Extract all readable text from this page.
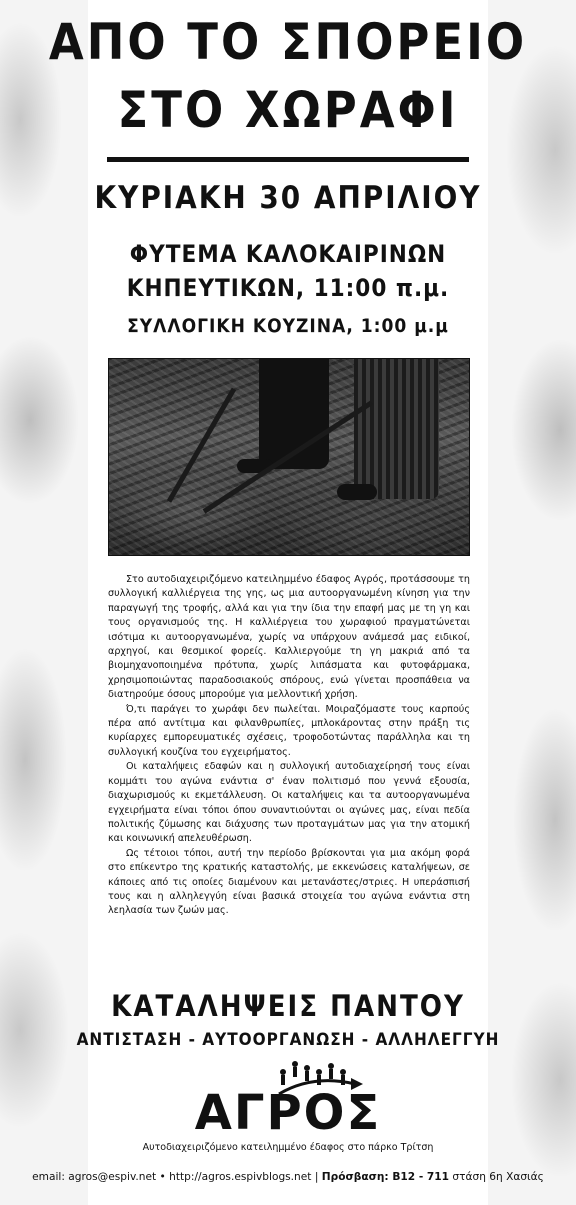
ΑΠΟ ΤΟ ΣΠΟΡΕΙΟ
ΣΤΟ ΧΩΡΑΦΙ
ΚΥΡΙΑΚΗ 30 ΑΠΡΙΛΙΟΥ
ΦΥΤΕΜΑ ΚΑΛΟΚΑΙΡΙΝΩΝ
ΚΗΠΕΥΤΙΚΩΝ, 11:00 π.μ.
ΣΥΛΛΟΓΙΚΗ ΚΟΥΖΙΝΑ, 1:00 μ.μ

Στο αυτοδιαχειριζόμενο κατειλημμένο έδαφος Αγρός, προτάσσουμε τη συλλογική καλλιέργεια της γης, ως μια αυτοοργανωμένη κίνηση για την παραγωγή της τροφής, αλλά και για την ίδια την επαφή μας με τη γη και τους οργανισμούς της. Η καλλιέργεια του χωραφιού πραγματώνεται ισότιμα κι αυτοοργανωμένα, χωρίς να υπάρχουν ανάμεσά μας ειδικοί, αρχηγοί, και θεσμικοί φορείς. Καλλιεργούμε τη γη μακριά από τα βιομηχανοποιημένα πρότυπα, χωρίς λιπάσματα και φυτοφάρμακα, χρησιμοποιώντας παραδοσιακούς σπόρους, ενώ γίνεται προσπάθεια να διατηρούμε όσους μπορούμε για μελλοντική χρήση.

Ό,τι παράγει το χωράφι δεν πωλείται. Μοιραζόμαστε τους καρπούς πέρα από αντίτιμα και φιλανθρωπίες, μπλοκάροντας στην πράξη τις κυρίαρχες εμπορευματικές σχέσεις, τροφοδοτώντας παράλληλα και τη συλλογική κουζίνα του εγχειρήματος.

Οι καταλήψεις εδαφών και η συλλογική αυτοδιαχείρησή τους είναι κομμάτι του αγώνα ενάντια σ' έναν πολιτισμό που γεννά εξουσία, διαχωρισμούς κι εκμετάλλευση. Οι καταλήψεις και τα αυτοοργανωμένα εγχειρήματα είναι τόποι όπου συναντιούνται οι αγώνες μας, είναι πεδία πολιτικής ζύμωσης και διάχυσης των προταγμάτων μας για την ατομική και κοινωνική απελευθέρωση.

Ως τέτοιοι τόποι, αυτή την περίοδο βρίσκονται για μια ακόμη φορά στο επίκεντρο της κρατικής καταστολής, με εκκενώσεις καταλήψεων, σε κάποιες από τις οποίες διαμένουν και μετανάστες/στριες. Η υπεράσπισή τους και η αλληλεγγύη είναι βασικά στοιχεία του αγώνα ενάντια στη λεηλασία των ζωών μας.

ΚΑΤΑΛΗΨΕΙΣ ΠΑΝΤΟΥ
ΑΝΤΙΣΤΑΣΗ - ΑΥΤΟΟΡΓΑΝΩΣΗ - ΑΛΛΗΛΕΓΓΥΗ
ΑΓΡΟΣ
Αυτοδιαχειριζόμενο κατειλημμένο έδαφος στο πάρκο Τρίτση
email: agros@espiv.net • http://agros.espivblogs.net | Πρόσβαση: Β12 - 711 στάση 6η Χασιάς
